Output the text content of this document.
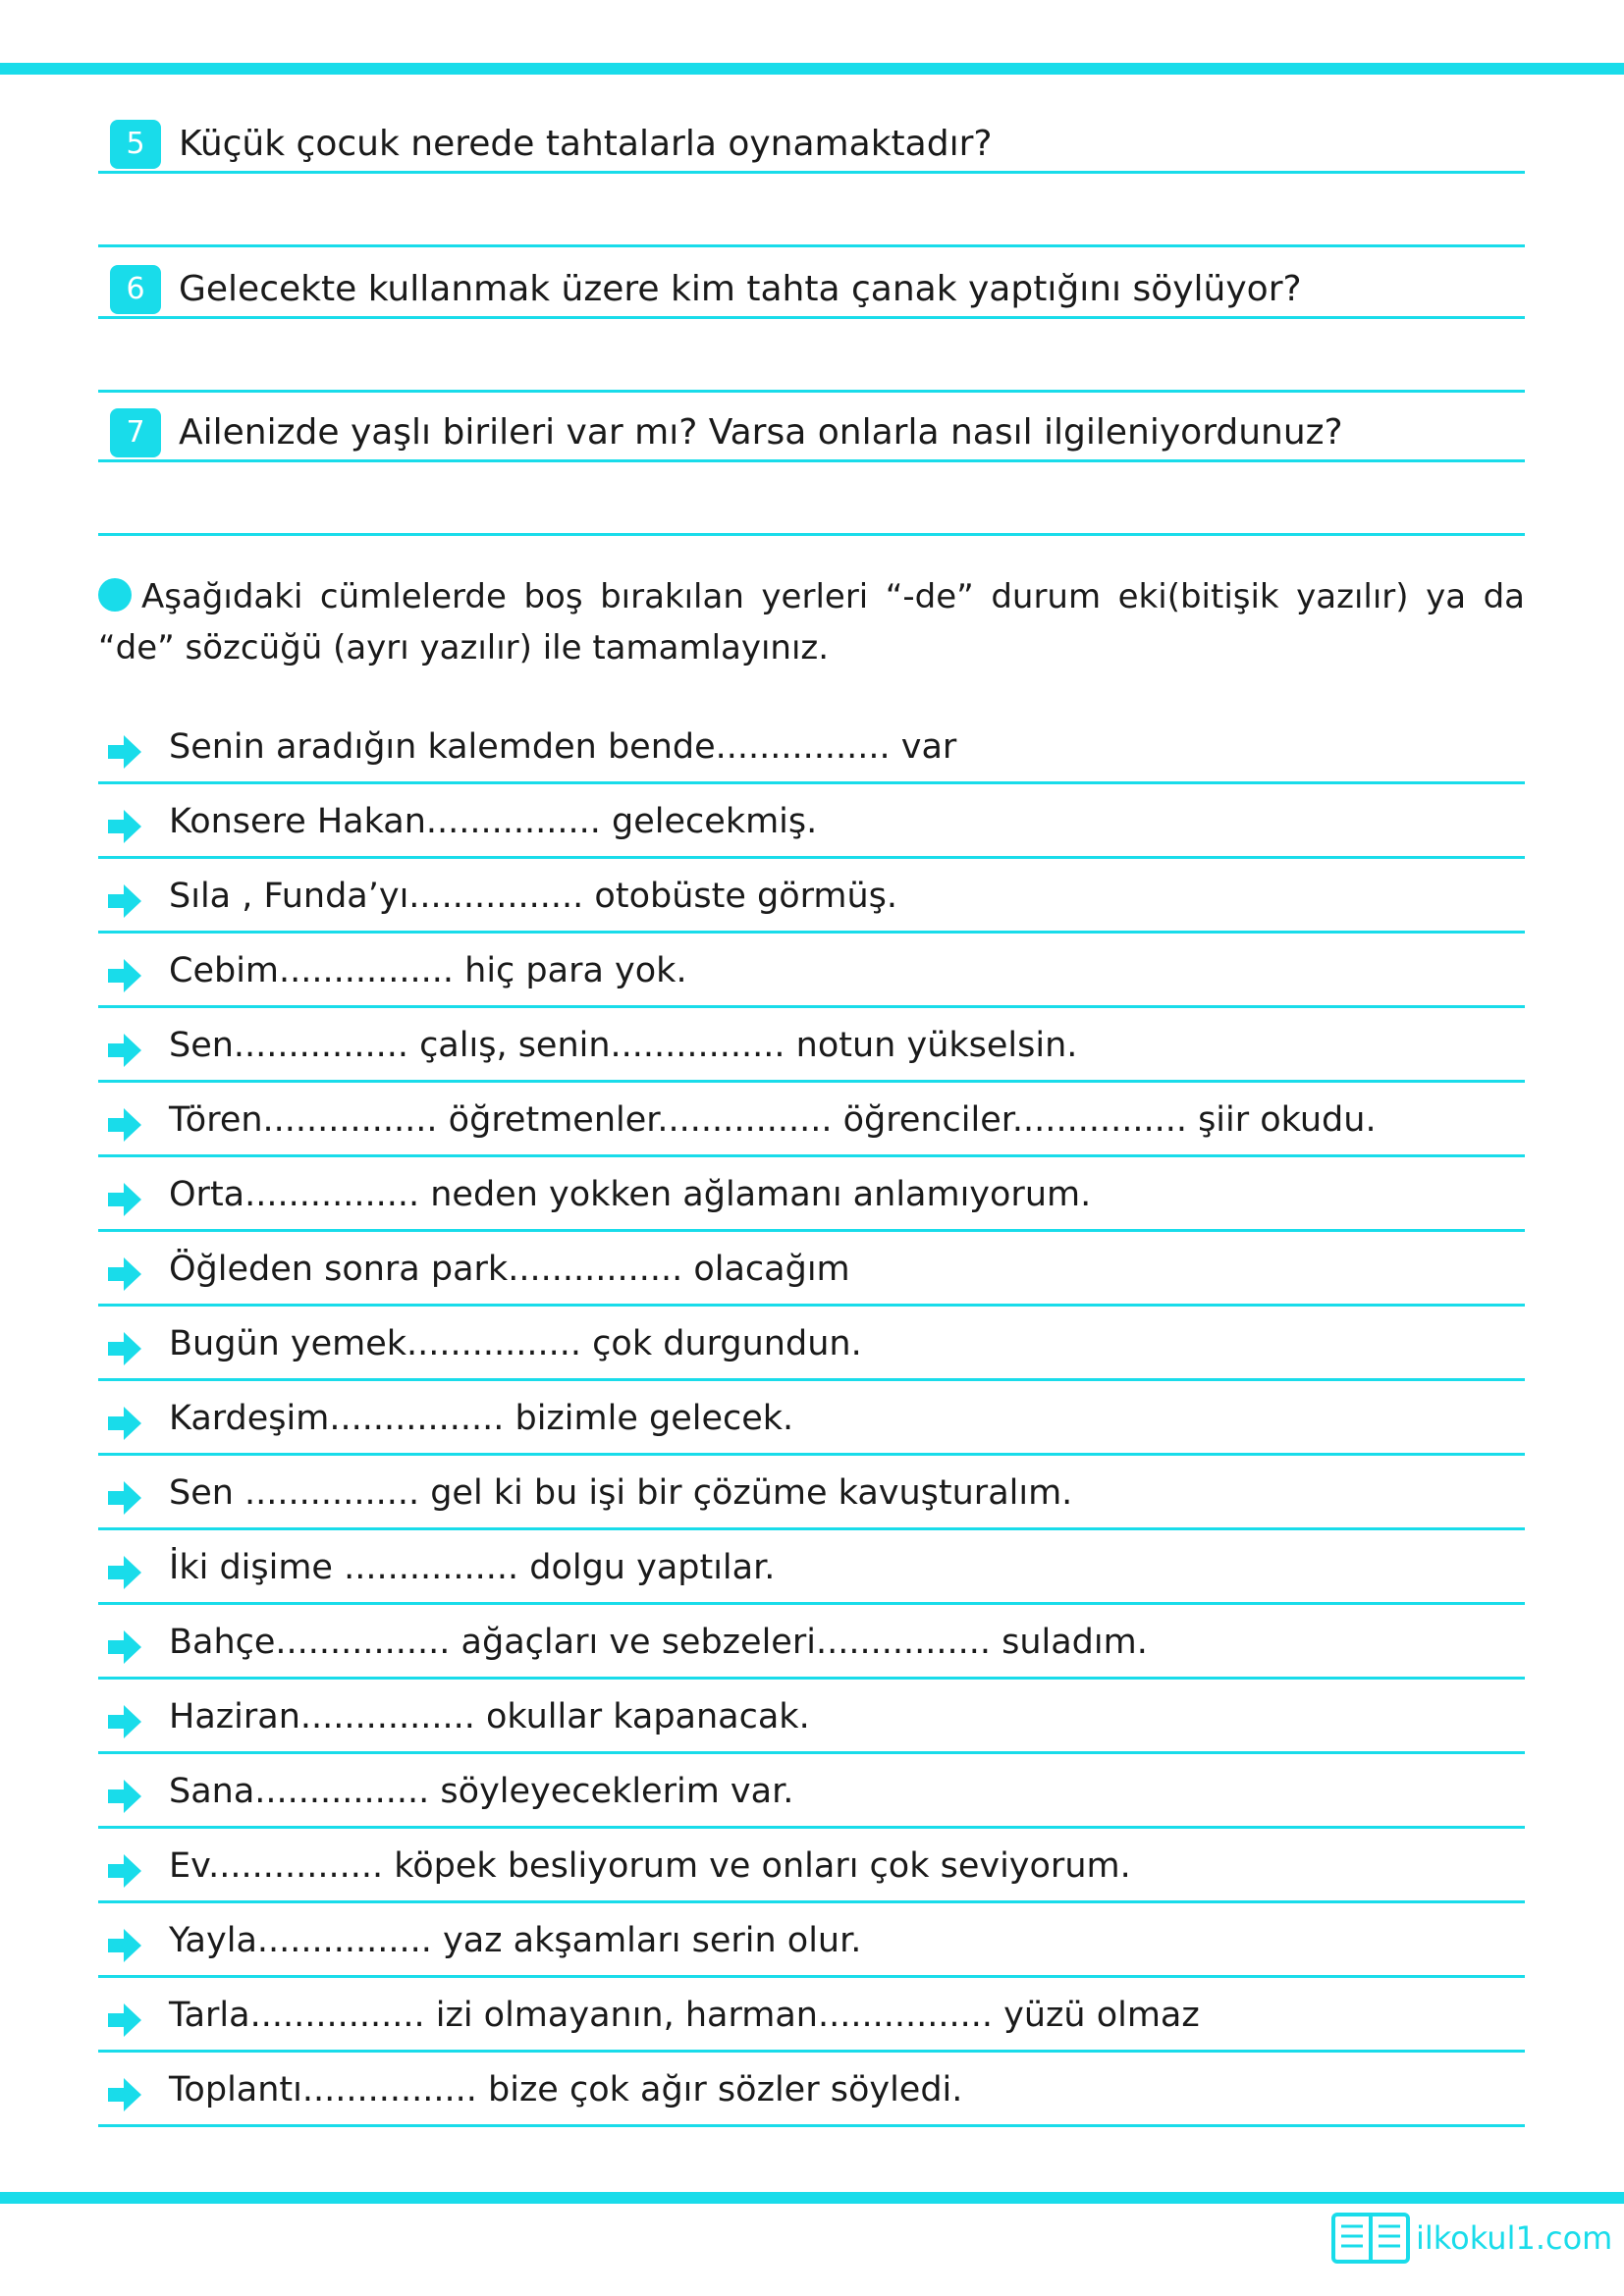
5 Küçük çocuk nerede tahtalarla oynamaktadır?
6 Gelecekte kullanmak üzere kim tahta çanak yaptığını söylüyor?
7 Ailenizde yaşlı birileri var mı? Varsa onlarla nasıl ilgileniyordunuz?
Aşağıdaki cümlelerde boş bırakılan yerleri “-de” durum eki(bitişik yazılır) ya da “de” sözcüğü (ayrı yazılır) ile tamamlayınız.
Senin aradığın kalemden bende................ var
Konsere Hakan................ gelecekmiş.
Sıla , Funda’yı................ otobüste görmüş.
Cebim................ hiç para yok.
Sen................ çalış, senin................ notun yükselsin.
Tören................ öğretmenler................ öğrenciler................ şiir okudu.
Orta................ neden yokken ağlamanı anlamıyorum.
Öğleden sonra park................ olacağım
Bugün yemek................ çok durgundun.
Kardeşim................ bizimle gelecek.
Sen ................ gel ki bu işi bir çözüme kavuşturalım.
İki dişime ................ dolgu yaptılar.
Bahçe................ ağaçları ve sebzeleri................ suladım.
Haziran................ okullar kapanacak.
Sana................ söyleyeceklerim var.
Ev................ köpek besliyorum ve onları çok seviyorum.
Yayla................ yaz akşamları serin olur.
Tarla................ izi olmayanın, harman................ yüzü olmaz
Toplantı................ bize çok ağır sözler söyledi.
ilkokul1.com
